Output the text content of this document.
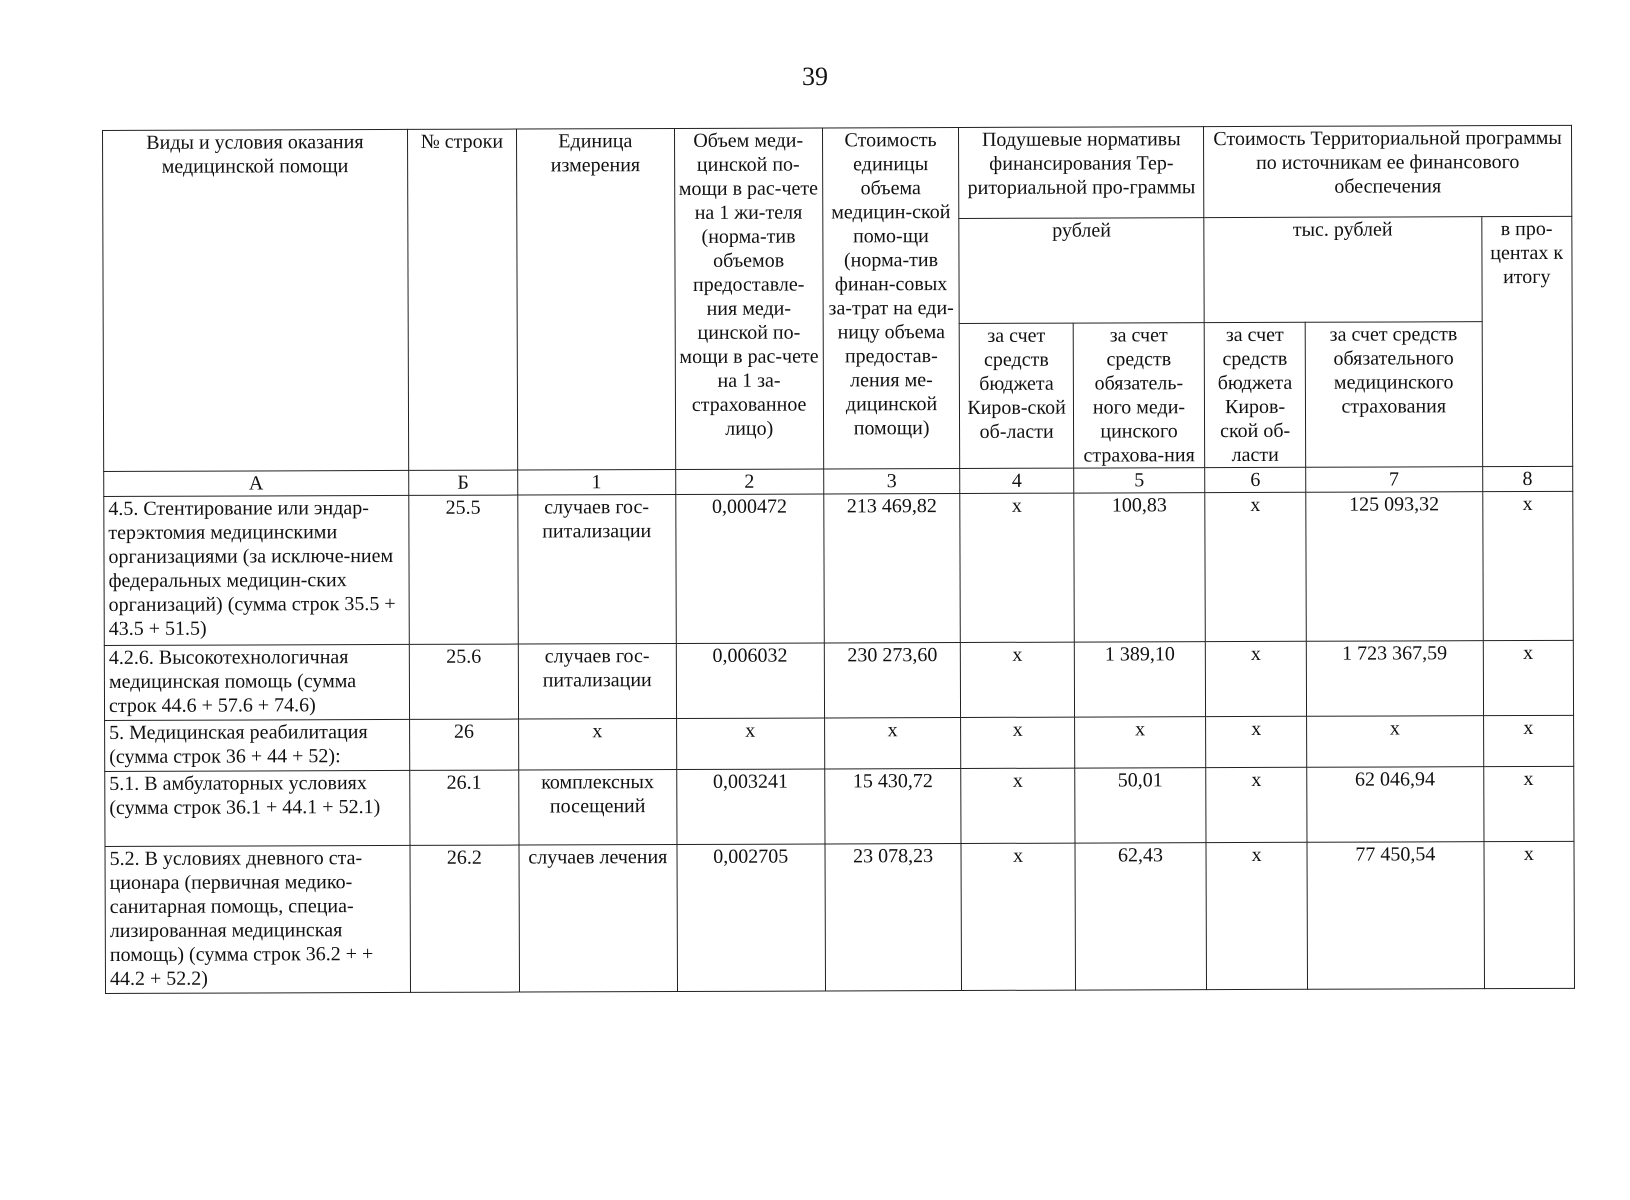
39
Виды и условия оказания медицинской помощи	№ строки	Единица измерения	Объем меди-цинской по-мощи в рас-чете на 1 жи-теля (норма-тив объемов предоставле-ния меди-цинской по-мощи в рас-чете на 1 за-страхованное лицо)	Стоимость единицы объема медицин-ской помо-щи (норма-тив финан-совых за-трат на еди-ницу объема предостав-ления ме-дицинской помощи)	Подушевые нормативы финансирования Тер-риториальной про-граммы		Стоимость Территориальной программы по источникам ее финансового обеспечения		

					рублей		тыс. рублей		в про-центах к итогу

					за счет средств бюджета Киров-ской об-ласти	за счет средств обязатель-ного меди-цинского страхова-ния	за счет средств бюджета Киров-ской об-ласти	за счет средств обязательного медицинского страхования	

А	Б	1	2	3	4	5	6	7	8
4.5. Стентирование или эндар-терэктомия медицинскими организациями (за исключе-нием федеральных медицин-ских организаций) (сумма строк 35.5 + 43.5 + 51.5)	25.5	случаев гос-питализации	0,000472	213 469,82	х	100,83	х	125 093,32	х
4.2.6. Высокотехнологичная медицинская помощь (сумма строк 44.6 + 57.6 + 74.6)	25.6	случаев гос-питализации	0,006032	230 273,60	х	1 389,10	х	1 723 367,59	х
5. Медицинская реабилитация (сумма строк 36 + 44 + 52):	26	х	х	х	х	х	х	х	х
5.1. В амбулаторных условиях (сумма строк 36.1 + 44.1 + 52.1)	26.1	комплексных посещений	0,003241	15 430,72	х	50,01	х	62 046,94	х
5.2. В условиях дневного ста-ционара (первичная медико-санитарная помощь, специа-лизированная медицинская помощь) (сумма строк 36.2 + + 44.2 + 52.2)	26.2	случаев лечения	0,002705	23 078,23	х	62,43	х	77 450,54	х
